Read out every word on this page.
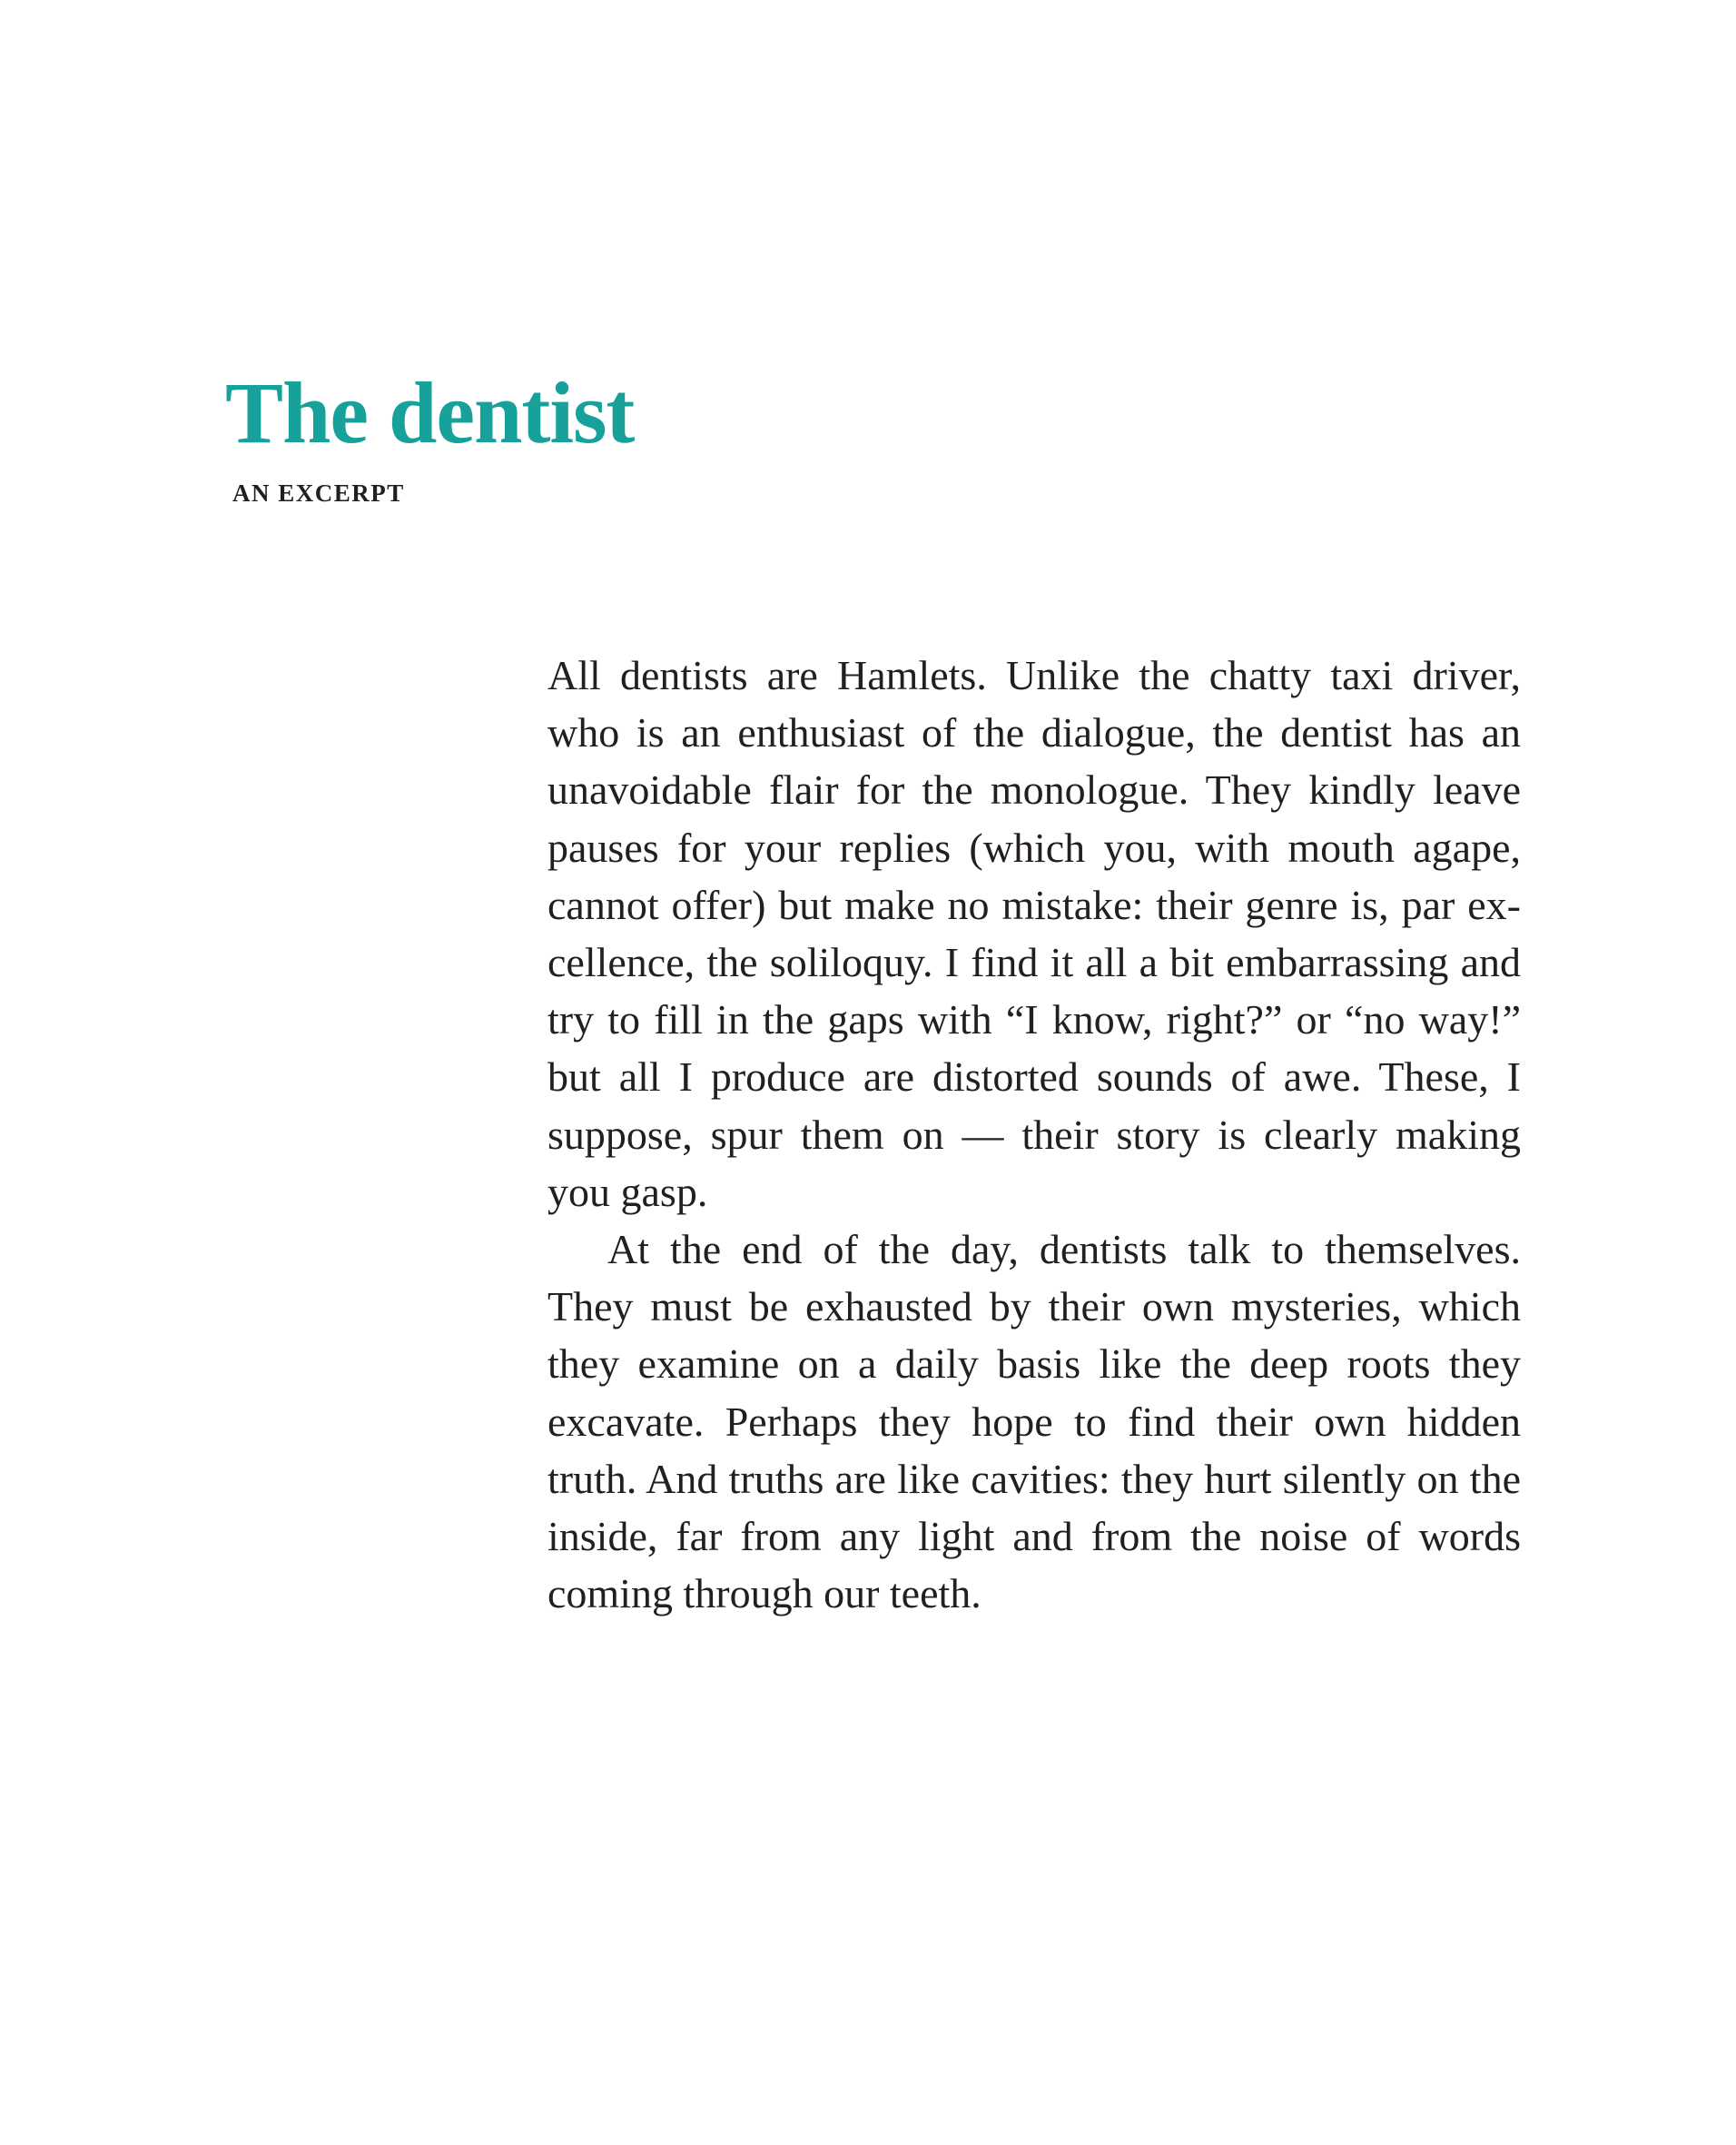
The dentist
AN EXCERPT

All dentists are Hamlets. Unlike the chatty taxi driver, who is an enthusiast of the dialogue, the dentist has an unavoidable flair for the monologue. They kindly leave pauses for your replies (which you, with mouth agape, cannot offer) but make no mistake: their genre is, par excellence, the soliloquy. I find it all a bit embarrassing and try to fill in the gaps with “I know, right?” or “no way!” but all I produce are distorted sounds of awe. These, I suppose, spur them on — their story is clearly making you gasp.

At the end of the day, dentists talk to themselves. They must be exhausted by their own mysteries, which they examine on a daily basis like the deep roots they excavate. Perhaps they hope to find their own hidden truth. And truths are like cavities: they hurt silently on the inside, far from any light and from the noise of words coming through our teeth.
